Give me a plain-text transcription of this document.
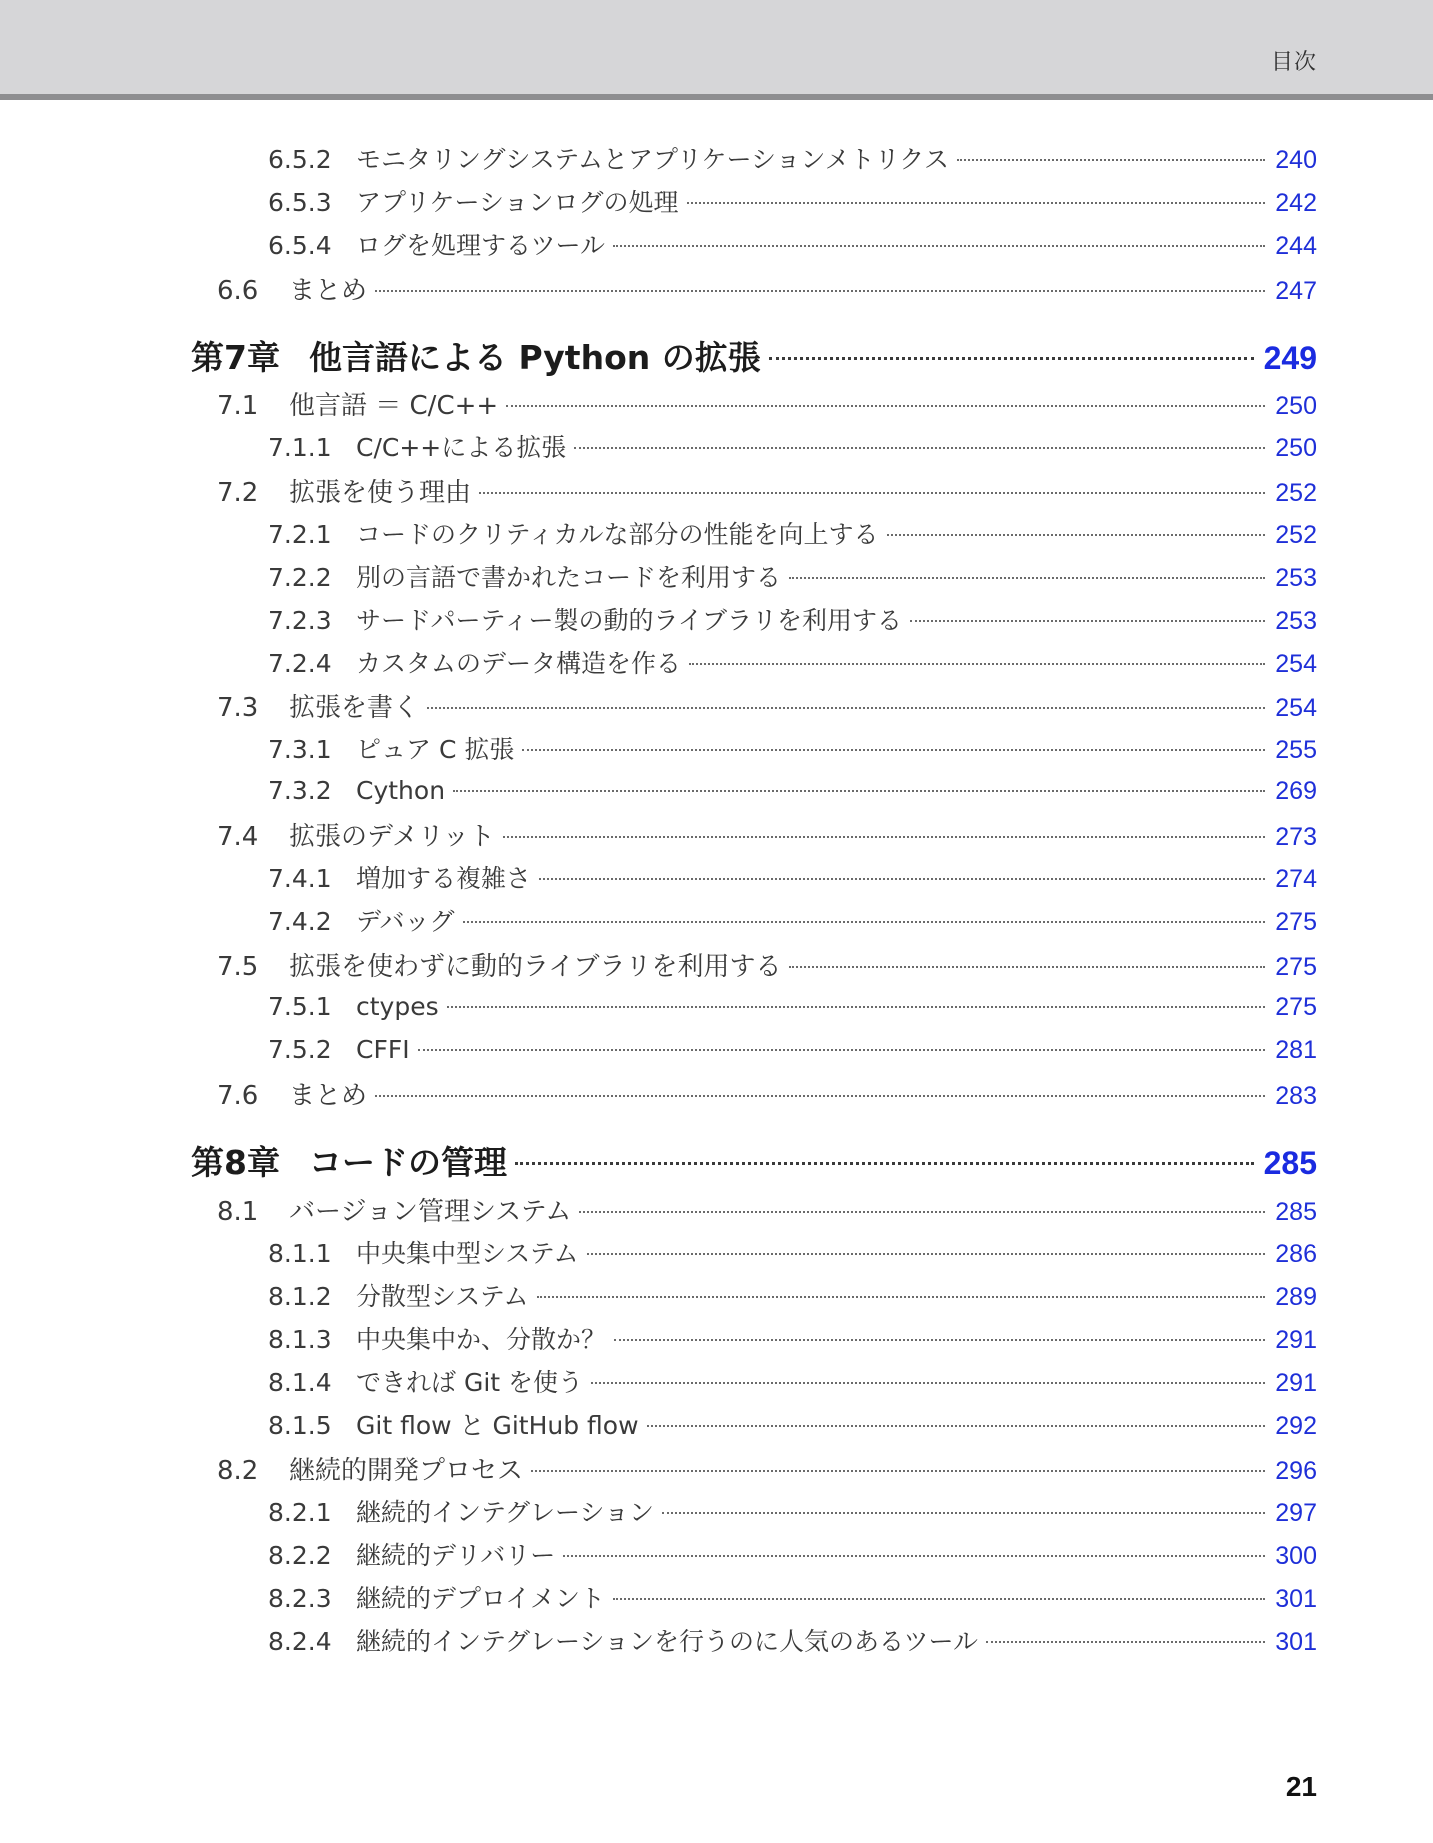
目次
6.5.2 モニタリングシステムとアプリケーションメトリクス	240
6.5.3 アプリケーションログの処理	242
6.5.4 ログを処理するツール	244
6.6	まとめ	247
第7章 他言語による Python の拡張	249
7.1	他言語 ＝ C/C++	250
7.1.1 C/C++による拡張	250
7.2	拡張を使う理由	252
7.2.1 コードのクリティカルな部分の性能を向上する	252
7.2.2 別の言語で書かれたコードを利用する	253
7.2.3 サードパーティー製の動的ライブラリを利用する	253
7.2.4 カスタムのデータ構造を作る	254
7.3	拡張を書く	254
7.3.1 ピュア C 拡張	255
7.3.2 Cython	269
7.4	拡張のデメリット	273
7.4.1 増加する複雑さ	274
7.4.2 デバッグ	275
7.5	拡張を使わずに動的ライブラリを利用する	275
7.5.1 ctypes	275
7.5.2 CFFI	281
7.6	まとめ	283
第8章 コードの管理	285
8.1	バージョン管理システム	285
8.1.1 中央集中型システム	286
8.1.2 分散型システム	289
8.1.3 中央集中か、分散か？	291
8.1.4 できれば Git を使う	291
8.1.5 Git flow と GitHub flow	292
8.2	継続的開発プロセス	296
8.2.1 継続的インテグレーション	297
8.2.2 継続的デリバリー	300
8.2.3 継続的デプロイメント	301
8.2.4 継続的インテグレーションを行うのに人気のあるツール	301
21
